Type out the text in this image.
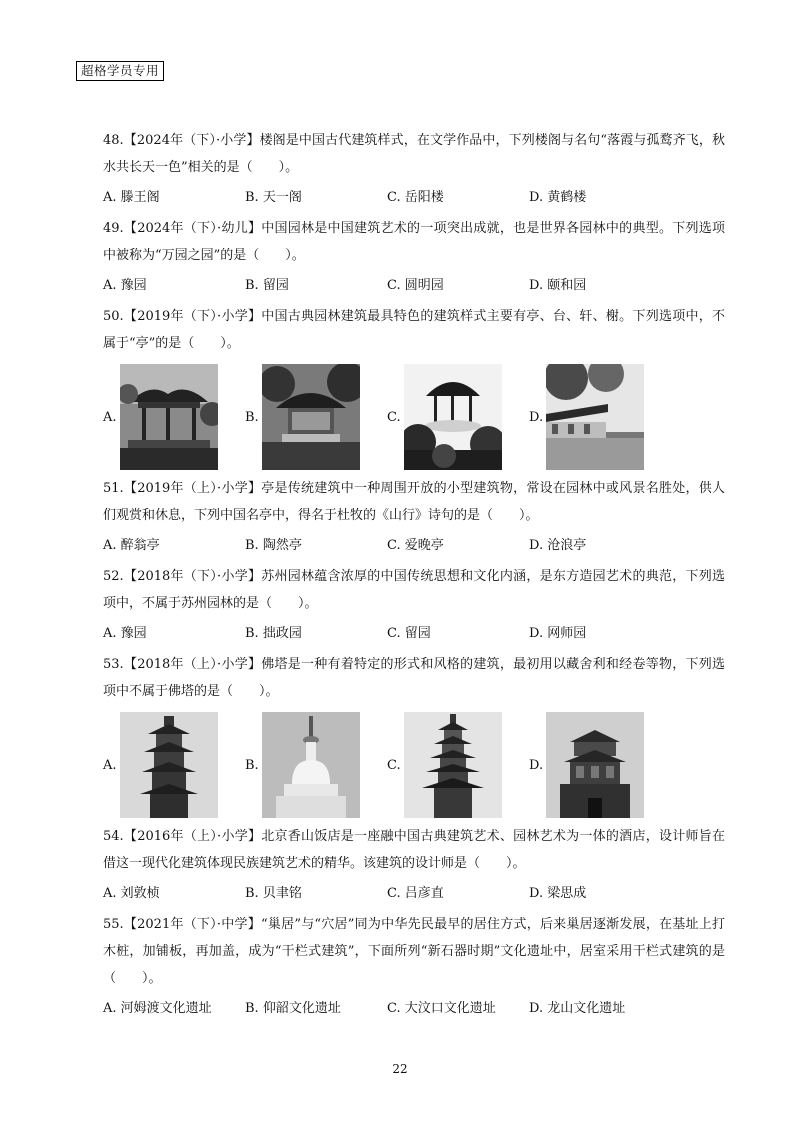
超格学员专用
48.【2024年（下）·小学】楼阁是中国古代建筑样式，在文学作品中，下列楼阁与名句“落霞与孤鹜齐飞，秋水共长天一色”相关的是（　　）。
A. 滕王阁	B. 天一阁	C. 岳阳楼	D. 黄鹤楼
49.【2024年（下）·幼儿】中国园林是中国建筑艺术的一项突出成就，也是世界各园林中的典型。下列选项中被称为“万园之园”的是（　　）。
A. 豫园	B. 留园	C. 圆明园	D. 颐和园
50.【2019年（下）·小学】中国古典园林建筑最具特色的建筑样式主要有亭、台、轩、榭。下列选项中，不属于“亭”的是（　　）。
A.	B.	C.	D.
51.【2019年（上）·小学】亭是传统建筑中一种周围开放的小型建筑物，常设在园林中或风景名胜处，供人们观赏和休息，下列中国名亭中，得名于杜牧的《山行》诗句的是（　　）。
A. 醉翁亭	B. 陶然亭	C. 爱晚亭	D. 沧浪亭
52.【2018年（下）·小学】苏州园林蕴含浓厚的中国传统思想和文化内涵，是东方造园艺术的典范，下列选项中，不属于苏州园林的是（　　）。
A. 豫园	B. 拙政园	C. 留园	D. 网师园
53.【2018年（上）·小学】佛塔是一种有着特定的形式和风格的建筑，最初用以藏舍利和经卷等物，下列选项中不属于佛塔的是（　　）。
A.	B.	C.	D.
54.【2016年（上）·小学】北京香山饭店是一座融中国古典建筑艺术、园林艺术为一体的酒店，设计师旨在借这一现代化建筑体现民族建筑艺术的精华。该建筑的设计师是（　　）。
A. 刘敦桢	B. 贝聿铭	C. 吕彦直	D. 梁思成
55.【2021年（下）·中学】“巢居”与“穴居”同为中华先民最早的居住方式，后来巢居逐渐发展，在基址上打木桩，加铺板，再加盖，成为“干栏式建筑”，下面所列“新石器时期”文化遗址中，居室采用干栏式建筑的是（　　）。
A. 河姆渡文化遗址	B. 仰韶文化遗址	C. 大汶口文化遗址	D. 龙山文化遗址
22
